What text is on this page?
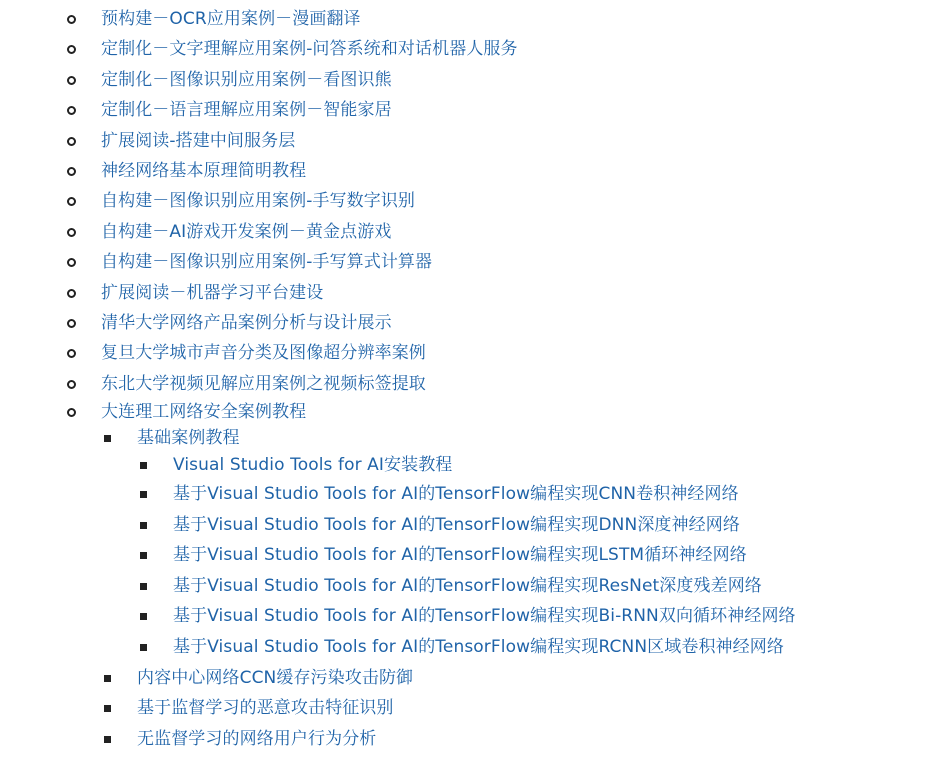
预构建－OCR应用案例－漫画翻译
定制化－文字理解应用案例-问答系统和对话机器人服务
定制化－图像识别应用案例－看图识熊
定制化－语言理解应用案例－智能家居
扩展阅读-搭建中间服务层
神经网络基本原理简明教程
自构建－图像识别应用案例-手写数字识别
自构建－AI游戏开发案例－黄金点游戏
自构建－图像识别应用案例-手写算式计算器
扩展阅读－机器学习平台建设
清华大学网络产品案例分析与设计展示
复旦大学城市声音分类及图像超分辨率案例
东北大学视频见解应用案例之视频标签提取
大连理工网络安全案例教程
基础案例教程
Visual Studio Tools for AI安装教程
基于Visual Studio Tools for AI的TensorFlow编程实现CNN卷积神经网络
基于Visual Studio Tools for AI的TensorFlow编程实现DNN深度神经网络
基于Visual Studio Tools for AI的TensorFlow编程实现LSTM循环神经网络
基于Visual Studio Tools for AI的TensorFlow编程实现ResNet深度残差网络
基于Visual Studio Tools for AI的TensorFlow编程实现Bi-RNN双向循环神经网络
基于Visual Studio Tools for AI的TensorFlow编程实现RCNN区域卷积神经网络
内容中心网络CCN缓存污染攻击防御
基于监督学习的恶意攻击特征识别
无监督学习的网络用户行为分析
